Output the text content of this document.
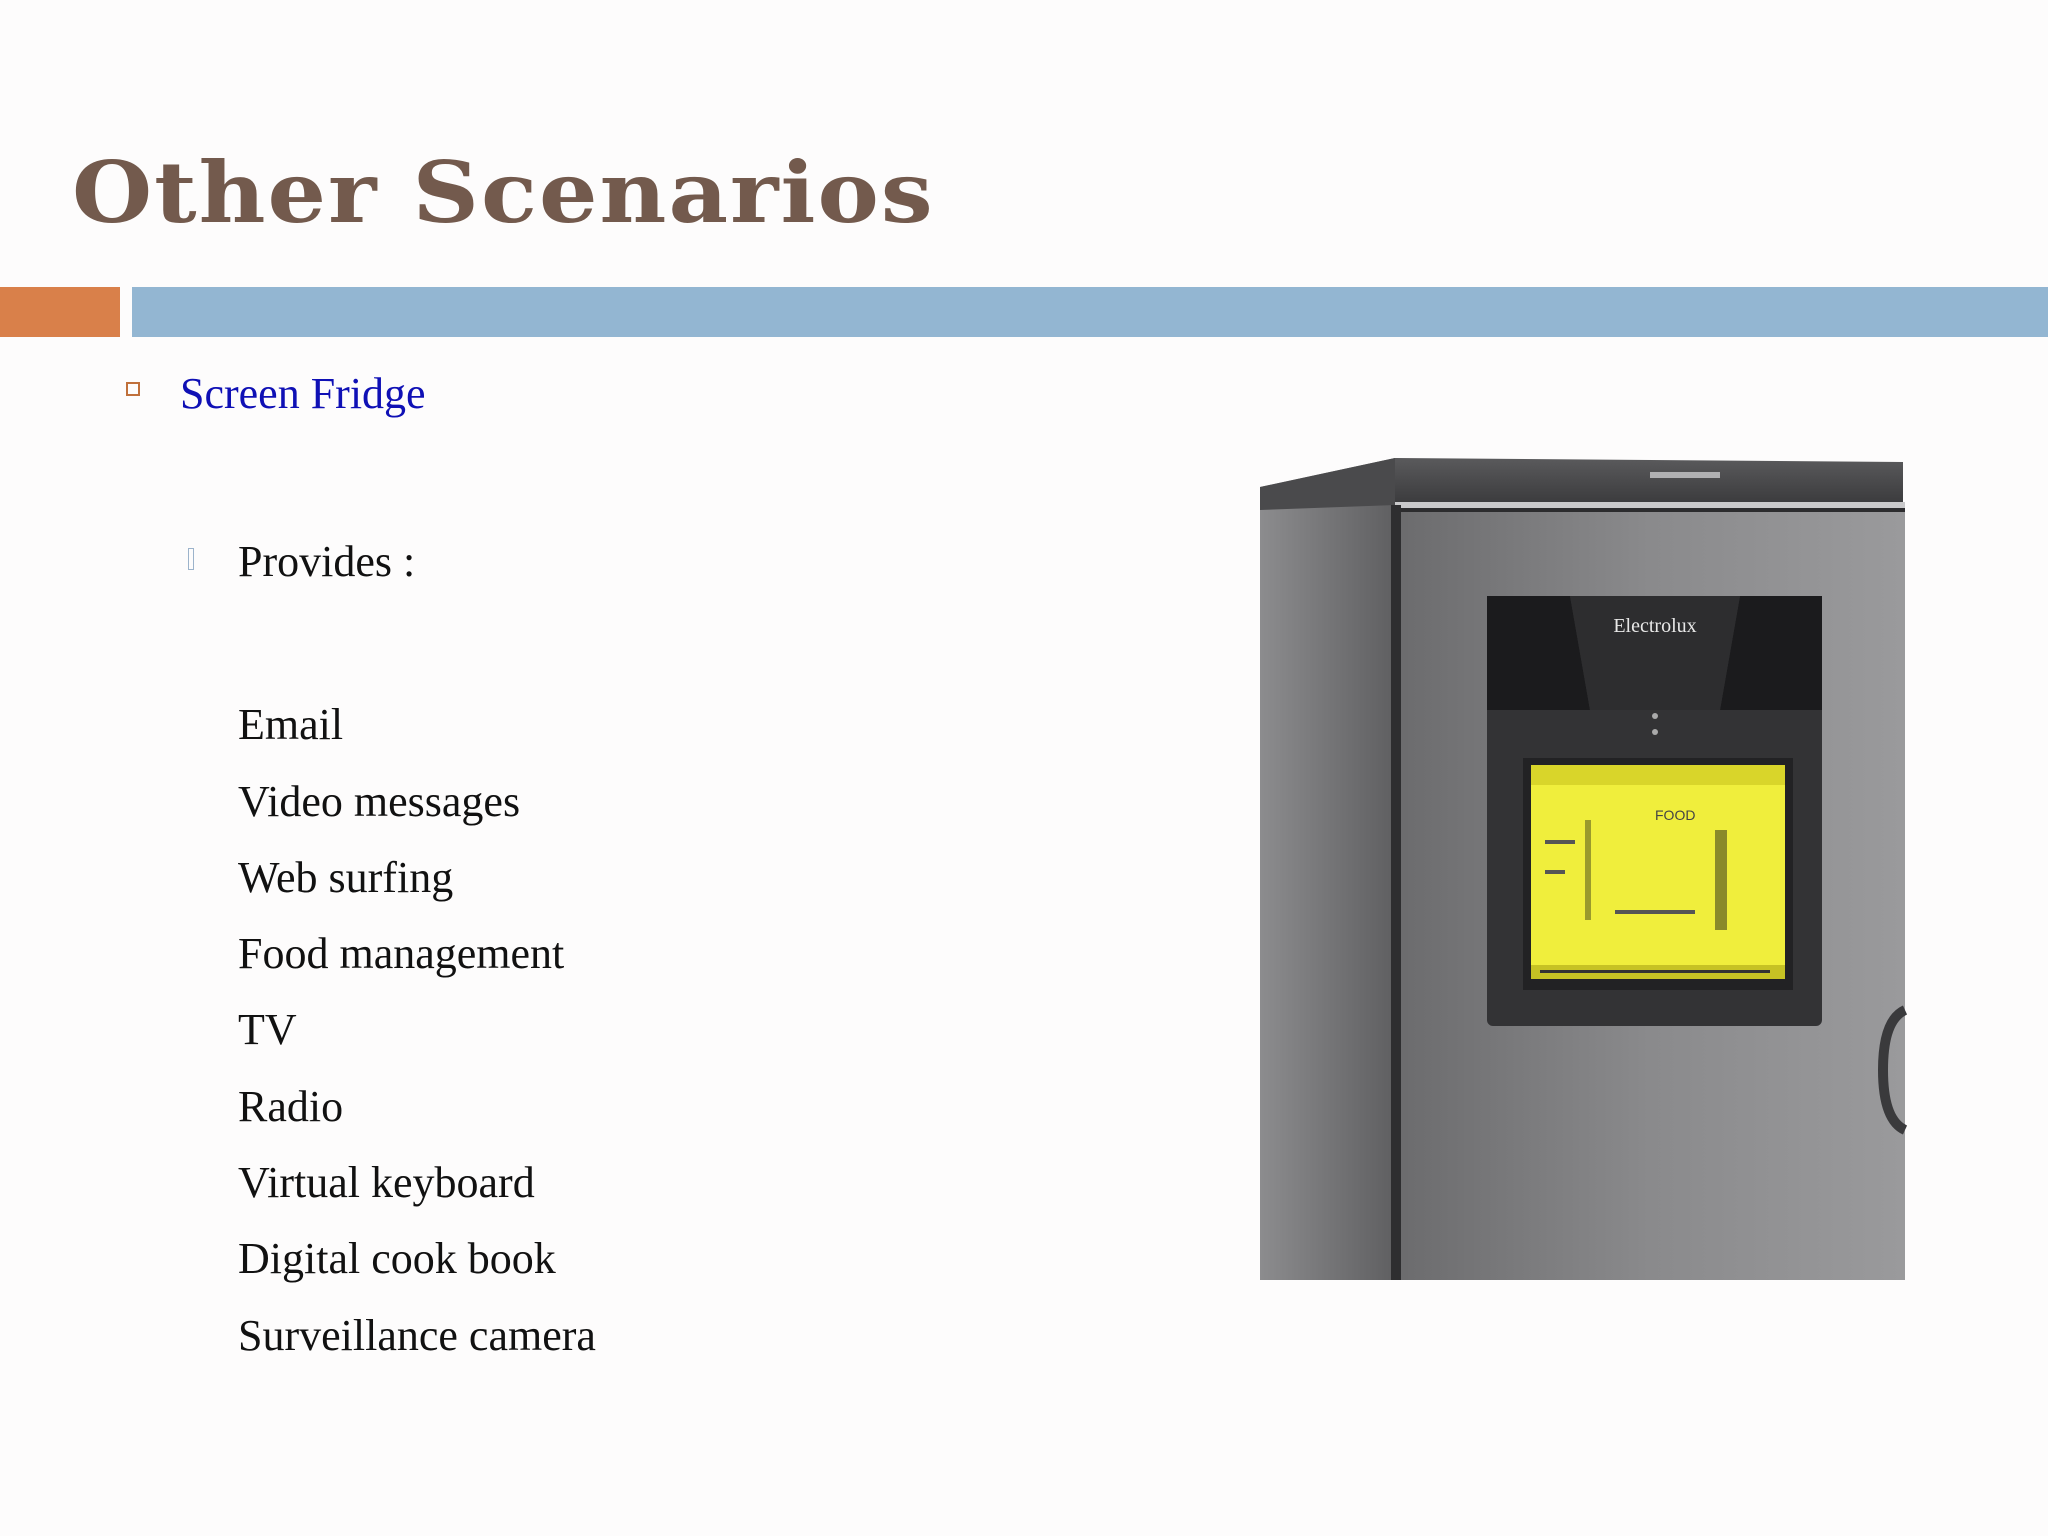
Other Scenarios
Screen Fridge
Provides :
Email
Video messages
Web surfing
Food management
TV
Radio
Virtual keyboard
Digital cook book
Surveillance camera
Electrolux
FOOD
